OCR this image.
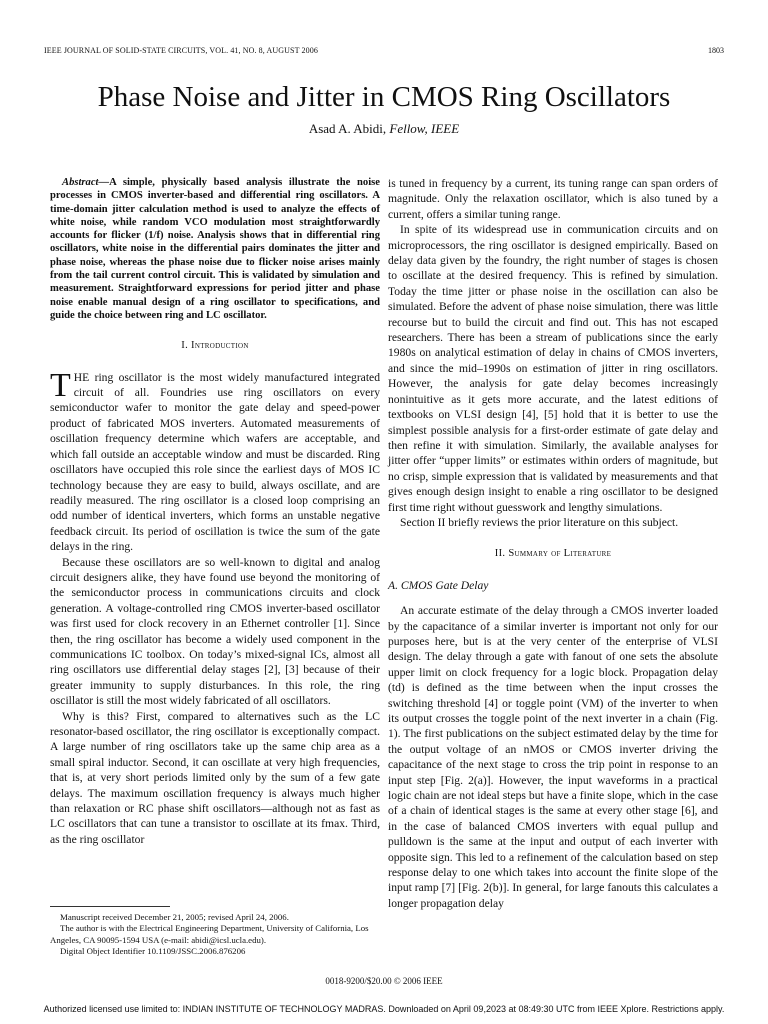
IEEE JOURNAL OF SOLID-STATE CIRCUITS, VOL. 41, NO. 8, AUGUST 2006	1803
Phase Noise and Jitter in CMOS Ring Oscillators
Asad A. Abidi, Fellow, IEEE

Abstract—A simple, physically based analysis illustrate the noise processes in CMOS inverter-based and differential ring oscillators. A time-domain jitter calculation method is used to analyze the effects of white noise, while random VCO modulation most straightforwardly accounts for flicker (1/f) noise. Analysis shows that in differential ring oscillators, white noise in the differential pairs dominates the jitter and phase noise, whereas the phase noise due to flicker noise arises mainly from the tail current control circuit. This is validated by simulation and measurement. Straightforward expressions for period jitter and phase noise enable manual design of a ring oscillator to specifications, and guide the choice between ring and LC oscillator.

I. Introduction

THE ring oscillator is the most widely manufactured integrated circuit of all. Foundries use ring oscillators on every semiconductor wafer to monitor the gate delay and speed-power product of fabricated MOS inverters. Automated measurements of oscillation frequency determine which wafers are acceptable, and which fall outside an acceptable window and must be discarded. Ring oscillators have occupied this role since the earliest days of MOS IC technology because they are easy to build, always oscillate, and are readily measured. The ring oscillator is a closed loop comprising an odd number of identical inverters, which forms an unstable negative feedback circuit. Its period of oscillation is twice the sum of the gate delays in the ring.

Because these oscillators are so well-known to digital and analog circuit designers alike, they have found use beyond the monitoring of the semiconductor process in communications circuits and clock generation. A voltage-controlled ring CMOS inverter-based oscillator was first used for clock recovery in an Ethernet controller [1]. Since then, the ring oscillator has become a widely used component in the communications IC toolbox. On today’s mixed-signal ICs, almost all ring oscillators use differential delay stages [2], [3] because of their greater immunity to supply disturbances. In this role, the ring oscillator is still the most widely fabricated of all oscillators.

Why is this? First, compared to alternatives such as the LC resonator-based oscillator, the ring oscillator is exceptionally compact. A large number of ring oscillators take up the same chip area as a small spiral inductor. Second, it can oscillate at very high frequencies, that is, at very short periods limited only by the sum of a few gate delays. The maximum oscillation frequency is always much higher than relaxation or RC phase shift oscillators—although not as fast as LC oscillators that can tune a transistor to oscillate at its fmax. Third, as the ring oscillator

is tuned in frequency by a current, its tuning range can span orders of magnitude. Only the relaxation oscillator, which is also tuned by a current, offers a similar tuning range.

In spite of its widespread use in communication circuits and on microprocessors, the ring oscillator is designed empirically. Based on delay data given by the foundry, the right number of stages is chosen to oscillate at the desired frequency. This is refined by simulation. Today the time jitter or phase noise in the oscillation can also be simulated. Before the advent of phase noise simulation, there was little recourse but to build the circuit and find out. This has not escaped researchers. There has been a stream of publications since the early 1980s on analytical estimation of delay in chains of CMOS inverters, and since the mid–1990s on estimation of jitter in ring oscillators. However, the analysis for gate delay becomes increasingly nonintuitive as it gets more accurate, and the latest editions of textbooks on VLSI design [4], [5] hold that it is better to use the simplest possible analysis for a first-order estimate of gate delay and then refine it with simulation. Similarly, the available analyses for jitter offer “upper limits” or estimates within orders of magnitude, but no crisp, simple expression that is validated by measurements and that gives enough design insight to enable a ring oscillator to be designed first time right without guesswork and lengthy simulations.

Section II briefly reviews the prior literature on this subject.

II. Summary of Literature
A. CMOS Gate Delay

An accurate estimate of the delay through a CMOS inverter loaded by the capacitance of a similar inverter is important not only for our purposes here, but is at the very center of the enterprise of VLSI design. The delay through a gate with fanout of one sets the absolute upper limit on clock frequency for a logic block. Propagation delay (td) is defined as the time between when the input crosses the switching threshold [4] or toggle point (VM) of the inverter to when its output crosses the toggle point of the next inverter in a chain (Fig. 1). The first publications on the subject estimated delay by the time for the output voltage of an nMOS or CMOS inverter driving the capacitance of the next stage to cross the trip point in response to an input step [Fig. 2(a)]. However, the input waveforms in a practical logic chain are not ideal steps but have a finite slope, which in the case of a chain of identical stages is the same at every other stage [6], and in the case of balanced CMOS inverters with equal pullup and pulldown is the same at the input and output of each inverter with opposite sign. This led to a refinement of the calculation based on step response delay to one which takes into account the finite slope of the input ramp [7] [Fig. 2(b)]. In general, for large fanouts this calculates a longer propagation delay

Manuscript received December 21, 2005; revised April 24, 2006.
The author is with the Electrical Engineering Department, University of California, Los Angeles, CA 90095-1594 USA (e-mail: abidi@icsl.ucla.edu).
Digital Object Identifier 10.1109/JSSC.2006.876206
0018-9200/$20.00 © 2006 IEEE
Authorized licensed use limited to: INDIAN INSTITUTE OF TECHNOLOGY MADRAS. Downloaded on April 09,2023 at 08:49:30 UTC from IEEE Xplore. Restrictions apply.
